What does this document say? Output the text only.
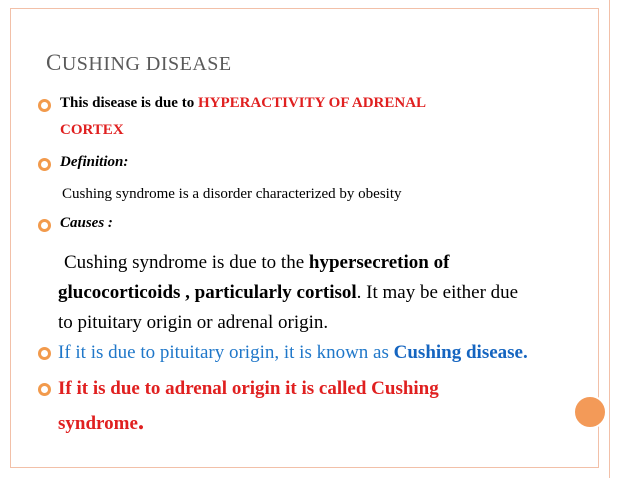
CUSHING DISEASE
This disease is due to HYPERACTIVITY OF ADRENAL
CORTEX
Definition:
Cushing syndrome is a disorder characterized by obesity
Causes :
Cushing syndrome is due to the hypersecretion of
glucocorticoids , particularly cortisol. It may be either due
to pituitary origin or adrenal origin.
If it is due to pituitary origin, it is known as Cushing disease.
If it is due to adrenal origin it is called Cushing
syndrome.
